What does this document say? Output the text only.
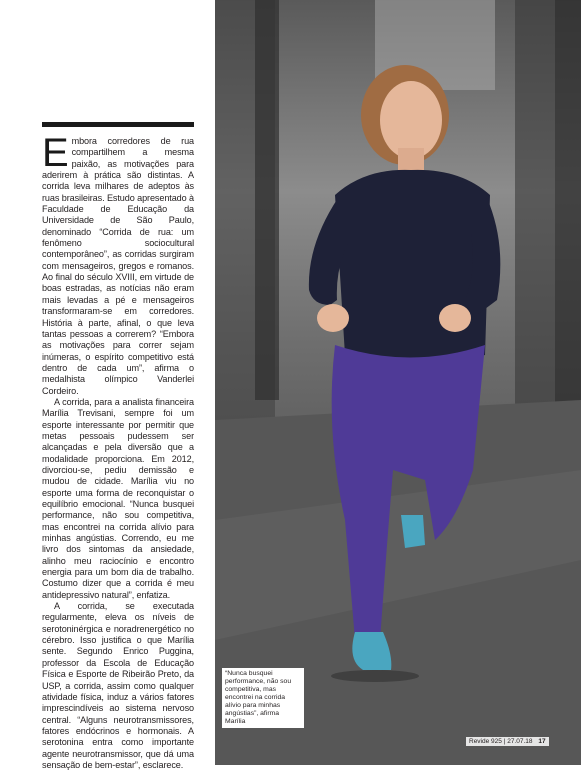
Embora corredores de rua compartilhem a mesma paixão, as motivações para aderirem à prática são distintas. A corrida leva milhares de adeptos às ruas brasileiras. Estudo apresentado à Faculdade de Educação da Universidade de São Paulo, denominado “Corrida de rua: um fenômeno sociocultural contemporâneo”, as corridas surgiram com mensageiros, gregos e romanos. Ao final do século XVIII, em virtude de boas estradas, as notícias não eram mais levadas a pé e mensageiros transformaram-se em corredores. História à parte, afinal, o que leva tantas pessoas a correrem? “Embora as motivações para correr sejam inúmeras, o espírito competitivo está dentro de cada um”, afirma o medalhista olímpico Vanderlei Cordeiro.

A corrida, para a analista financeira Marília Trevisani, sempre foi um esporte interessante por permitir que metas pessoais pudessem ser alcançadas e pela diversão que a modalidade proporciona. Em 2012, divorciou-se, pediu demissão e mudou de cidade. Marília viu no esporte uma forma de reconquistar o equilíbrio emocional. “Nunca busquei performance, não sou competitiva, mas encontrei na corrida alívio para minhas angústias. Correndo, eu me livro dos sintomas da ansiedade, alinho meu raciocínio e encontro energia para um bom dia de trabalho. Costumo dizer que a corrida é meu antidepressivo natural”, enfatiza.

A corrida, se executada regularmente, eleva os níveis de serotoninérgica e noradrenergético no cérebro. Isso justifica o que Marília sente. Segundo Enrico Puggina, professor da Escola de Educação Física e Esporte de Ribeirão Preto, da USP, a corrida, assim como qualquer atividade física, induz a vários fatores imprescindíveis ao sistema nervoso central. “Alguns neurotransmissores, fatores endócrinos e hormonais. A serotonina entra como importante agente neurotransmissor, que dá uma sensação de bem-estar”, esclarece.

“Nunca busquei performance, não sou competitiva, mas encontrei na corrida alívio para minhas angústias”, afirma Marília
Revide 925 | 27.07.18 17
